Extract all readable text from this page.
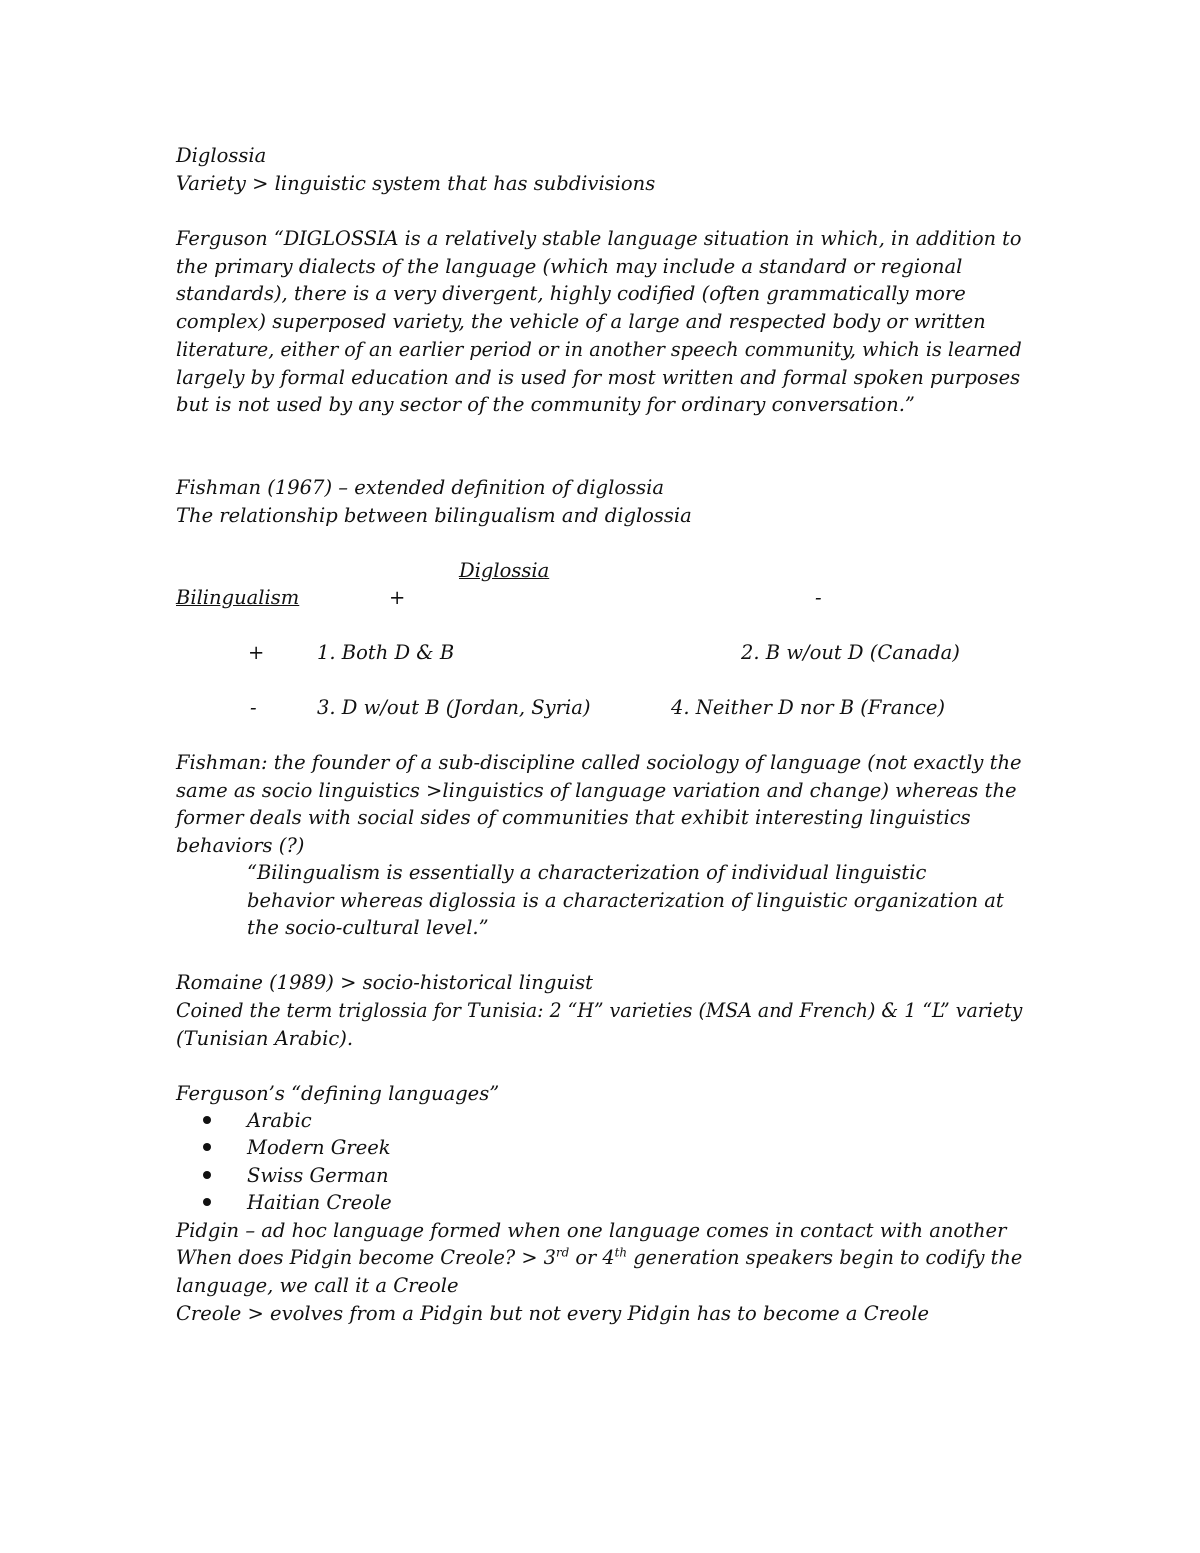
Diglossia
Variety > linguistic system that has subdivisions
Ferguson “DIGLOSSIA is a relatively stable language situation in which, in addition to
the primary dialects of the language (which may include a standard or regional
standards), there is a very divergent, highly codified (often grammatically more
complex) superposed variety, the vehicle of a large and respected body or written
literature, either of an earlier period or in another speech community, which is learned
largely by formal education and is used for most written and formal spoken purposes
but is not used by any sector of the community for ordinary conversation.”
Fishman (1967) – extended definition of diglossia
The relationship between bilingualism and diglossia
Diglossia
Bilingualism	+	-
+	1. Both D & B	2. B w/out D (Canada)
-	3. D w/out B (Jordan, Syria)	4. Neither D nor B (France)
Fishman: the founder of a sub-discipline called sociology of language (not exactly the
same as socio linguistics >linguistics of language variation and change) whereas the
former deals with social sides of communities that exhibit interesting linguistics
behaviors (?)
“Bilingualism is essentially a characterization of individual linguistic
behavior whereas diglossia is a characterization of linguistic organization at
the socio-cultural level.”
Romaine (1989) > socio-historical linguist
Coined the term triglossia for Tunisia: 2 “H” varieties (MSA and French) & 1 “L” variety
(Tunisian Arabic).
Ferguson’s “defining languages”
Arabic
Modern Greek
Swiss German
Haitian Creole
Pidgin – ad hoc language formed when one language comes in contact with another
When does Pidgin become Creole? > 3rd or 4th generation speakers begin to codify the
language, we call it a Creole
Creole > evolves from a Pidgin but not every Pidgin has to become a Creole
